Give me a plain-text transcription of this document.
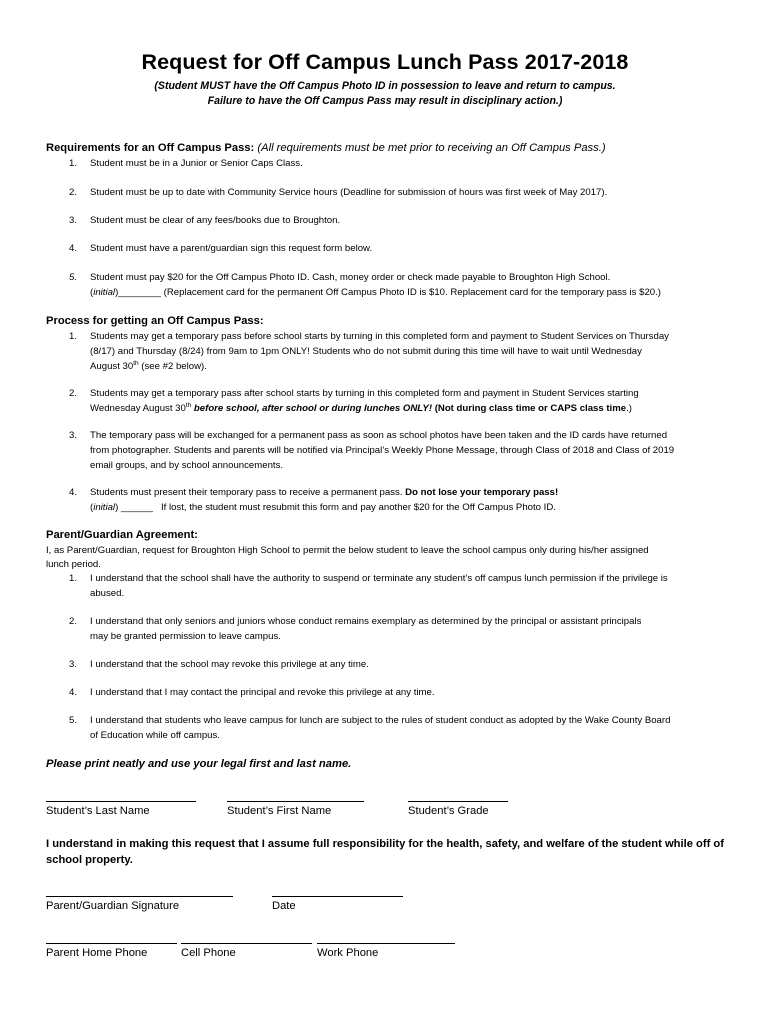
Request for Off Campus Lunch Pass 2017-2018
(Student MUST have the Off Campus Photo ID in possession to leave and return to campus.
Failure to have the Off Campus Pass may result in disciplinary action.)
Requirements for an Off Campus Pass: (All requirements must be met prior to receiving an Off Campus Pass.)
1. Student must be in a Junior or Senior Caps Class.
2. Student must be up to date with Community Service hours (Deadline for submission of hours was first week of May 2017).
3. Student must be clear of any fees/books due to Broughton.
4. Student must have a parent/guardian sign this request form below.
5. Student must pay $20 for the Off Campus Photo ID. Cash, money order or check made payable to Broughton High School.
(initial)________ (Replacement card for the permanent Off Campus Photo ID is $10. Replacement card for the temporary pass is $20.)
Process for getting an Off Campus Pass:
1. Students may get a temporary pass before school starts by turning in this completed form and payment to Student Services on Thursday
(8/17) and Thursday (8/24) from 9am to 1pm ONLY! Students who do not submit during this time will have to wait until Wednesday
August 30th (see #2 below).
2. Students may get a temporary pass after school starts by turning in this completed form and payment in Student Services starting
Wednesday August 30th before school, after school or during lunches ONLY! (Not during class time or CAPS class time.)
3. The temporary pass will be exchanged for a permanent pass as soon as school photos have been taken and the ID cards have returned
from photographer. Students and parents will be notified via Principal’s Weekly Phone Message, through Class of 2018 and Class of 2019
email groups, and by school announcements.
4. Students must present their temporary pass to receive a permanent pass. Do not lose your temporary pass!
(initial) ______ If lost, the student must resubmit this form and pay another $20 for the Off Campus Photo ID.
Parent/Guardian Agreement:
I, as Parent/Guardian, request for Broughton High School to permit the below student to leave the school campus only during his/her assigned
lunch period.
1. I understand that the school shall have the authority to suspend or terminate any student’s off campus lunch permission if the privilege is
abused.
2. I understand that only seniors and juniors whose conduct remains exemplary as determined by the principal or assistant principals
may be granted permission to leave campus.
3. I understand that the school may revoke this privilege at any time.
4. I understand that I may contact the principal and revoke this privilege at any time.
5. I understand that students who leave campus for lunch are subject to the rules of student conduct as adopted by the Wake County Board
of Education while off campus.
Please print neatly and use your legal first and last name.
Student’s Last Name	Student’s First Name	Student’s Grade
I understand in making this request that I assume full responsibility for the health, safety, and welfare of the student while off of
school property.
Parent/Guardian Signature	Date
Parent Home Phone	Cell Phone	Work Phone
